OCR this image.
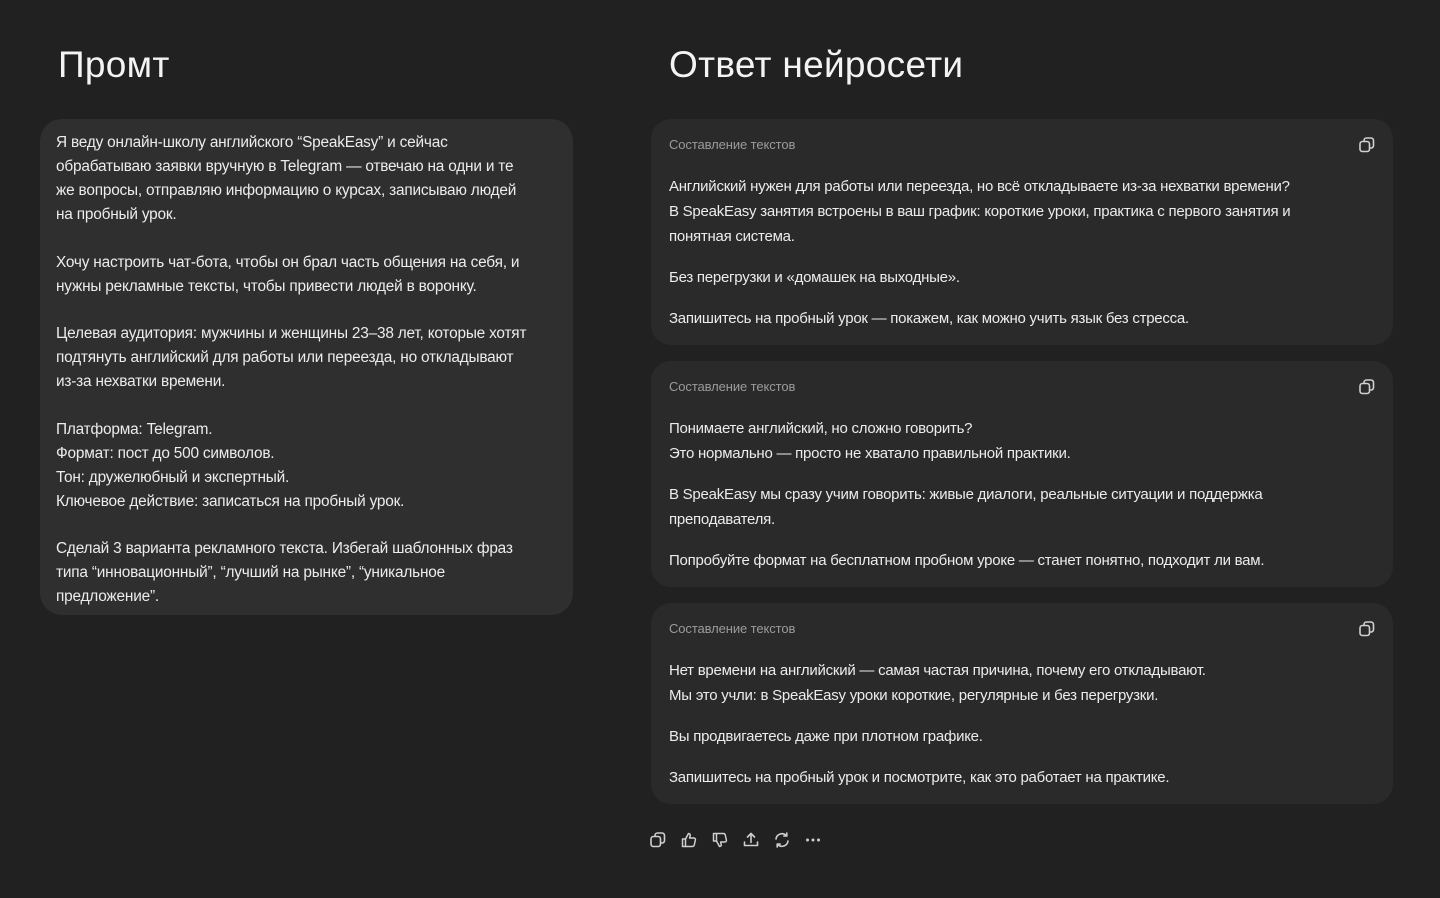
Промт	Ответ нейросети

Я веду онлайн-школу английского “SpeakEasy” и сейчас
обрабатываю заявки вручную в Telegram — отвечаю на одни и те
же вопросы, отправляю информацию о курсах, записываю людей
на пробный урок.

Хочу настроить чат-бота, чтобы он брал часть общения на себя, и
нужны рекламные тексты, чтобы привести людей в воронку.

Целевая аудитория: мужчины и женщины 23–38 лет, которые хотят
подтянуть английский для работы или переезда, но откладывают
из-за нехватки времени.

Платформа: Telegram.
Формат: пост до 500 символов.
Тон: дружелюбный и экспертный.
Ключевое действие: записаться на пробный урок.

Сделай 3 варианта рекламного текста. Избегай шаблонных фраз
типа “инновационный”, “лучший на рынке”, “уникальное
предложение”.

Составление текстов

Английский нужен для работы или переезда, но всё откладываете из-за нехватки времени?
В SpeakEasy занятия встроены в ваш график: короткие уроки, практика с первого занятия и
понятная система.

Без перегрузки и «домашек на выходные».

Запишитесь на пробный урок — покажем, как можно учить язык без стресса.

Составление текстов

Понимаете английский, но сложно говорить?
Это нормально — просто не хватало правильной практики.

В SpeakEasy мы сразу учим говорить: живые диалоги, реальные ситуации и поддержка
преподавателя.

Попробуйте формат на бесплатном пробном уроке — станет понятно, подходит ли вам.

Составление текстов

Нет времени на английский — самая частая причина, почему его откладывают.
Мы это учли: в SpeakEasy уроки короткие, регулярные и без перегрузки.

Вы продвигаетесь даже при плотном графике.

Запишитесь на пробный урок и посмотрите, как это работает на практике.
